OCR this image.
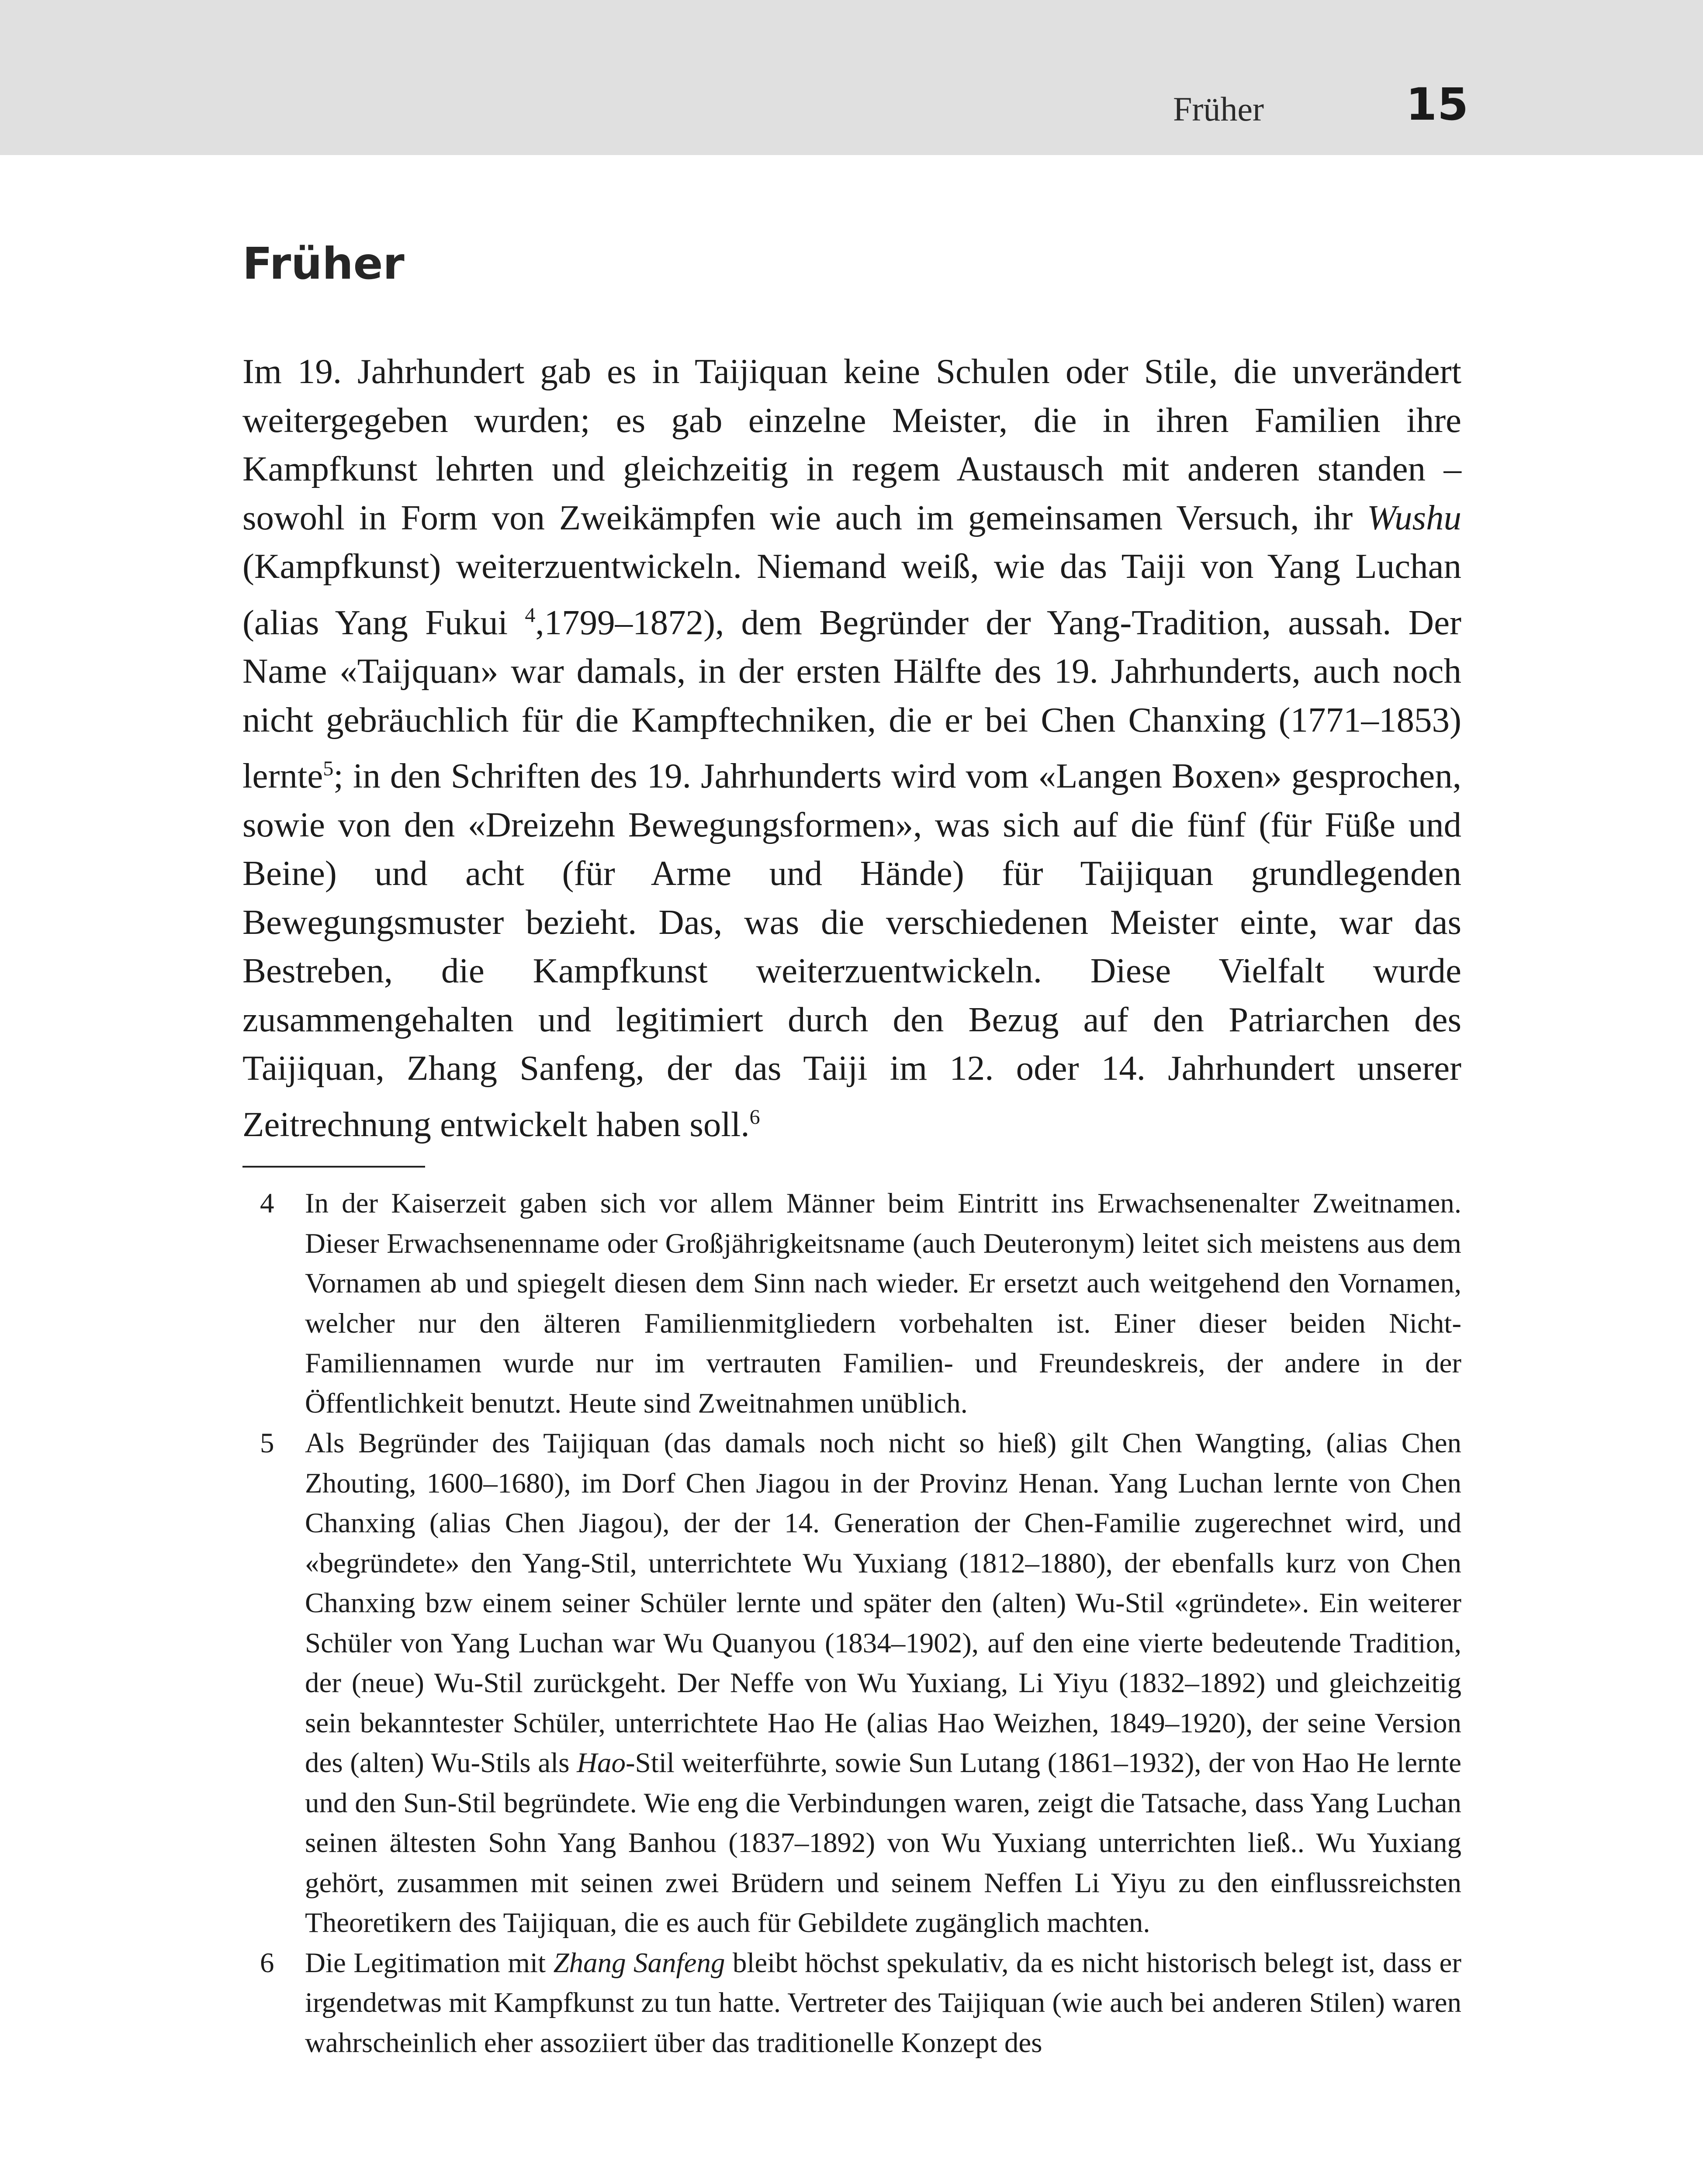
Früher	15
Früher

Im 19. Jahrhundert gab es in Taijiquan keine Schulen oder Stile, die unverändert weitergegeben wurden; es gab einzelne Meister, die in ihren Familien ihre Kampfkunst lehrten und gleichzeitig in regem Austausch mit anderen standen – sowohl in Form von Zweikämpfen wie auch im gemeinsamen Versuch, ihr Wushu (Kampfkunst) weiterzuentwickeln. Niemand weiß, wie das Taiji von Yang Luchan (alias Yang Fukui $^4$,1799–1872), dem Begründer der Yang-Tradition, aussah. Der Name «Taijquan» war damals, in der ersten Hälfte des 19. Jahrhunderts, auch noch nicht gebräuchlich für die Kampftechniken, die er bei Chen Chanxing (1771–1853) lernte$^5$; in den Schriften des 19. Jahrhunderts wird vom «Langen Boxen» gesprochen, sowie von den «Dreizehn Bewegungsformen», was sich auf die fünf (für Füße und Beine) und acht (für Arme und Hände) für Taijiquan grundlegenden Bewegungsmuster bezieht. Das, was die verschiedenen Meister einte, war das Bestreben, die Kampfkunst weiterzuentwickeln. Diese Vielfalt wurde zusammengehalten und legitimiert durch den Bezug auf den Patriarchen des Taijiquan, Zhang Sanfeng, der das Taiji im 12. oder 14. Jahrhundert unserer Zeitrechnung entwickelt haben soll.$^6$

4 In der Kaiserzeit gaben sich vor allem Männer beim Eintritt ins Erwachsenenalter Zweitnamen. Dieser Erwachsenenname oder Großjährigkeitsname (auch Deuteronym) leitet sich meistens aus dem Vornamen ab und spiegelt diesen dem Sinn nach wieder. Er ersetzt auch weitgehend den Vornamen, welcher nur den älteren Familienmitgliedern vorbehalten ist. Einer dieser beiden Nicht-Familiennamen wurde nur im vertrauten Familien- und Freundeskreis, der andere in der Öffentlichkeit benutzt. Heute sind Zweitnahmen unüblich.

5 Als Begründer des Taijiquan (das damals noch nicht so hieß) gilt Chen Wangting, (alias Chen Zhouting, 1600–1680), im Dorf Chen Jiagou in der Provinz Henan. Yang Luchan lernte von Chen Chanxing (alias Chen Jiagou), der der 14. Generation der Chen-Familie zugerechnet wird, und «begründete» den Yang-Stil, unterrichtete Wu Yuxiang (1812–1880), der ebenfalls kurz von Chen Chanxing bzw einem seiner Schüler lernte und später den (alten) Wu-Stil «gründete». Ein weiterer Schüler von Yang Luchan war Wu Quanyou (1834–1902), auf den eine vierte bedeutende Tradition, der (neue) Wu-Stil zurückgeht. Der Neffe von Wu Yuxiang, Li Yiyu (1832–1892) und gleichzeitig sein bekanntester Schüler, unterrichtete Hao He (alias Hao Weizhen, 1849–1920), der seine Version des (alten) Wu-Stils als Hao-Stil weiterführte, sowie Sun Lutang (1861–1932), der von Hao He lernte und den Sun-Stil begründete. Wie eng die Verbindungen waren, zeigt die Tatsache, dass Yang Luchan seinen ältesten Sohn Yang Banhou (1837–1892) von Wu Yuxiang unterrichten ließ.. Wu Yuxiang gehört, zusammen mit seinen zwei Brüdern und seinem Neffen Li Yiyu zu den einflussreichsten Theoretikern des Taijiquan, die es auch für Gebildete zugänglich machten.

6 Die Legitimation mit Zhang Sanfeng bleibt höchst spekulativ, da es nicht historisch belegt ist, dass er irgendetwas mit Kampfkunst zu tun hatte. Vertreter des Taijiquan (wie auch bei anderen Stilen) waren wahrscheinlich eher assoziiert über das traditionelle Konzept des
